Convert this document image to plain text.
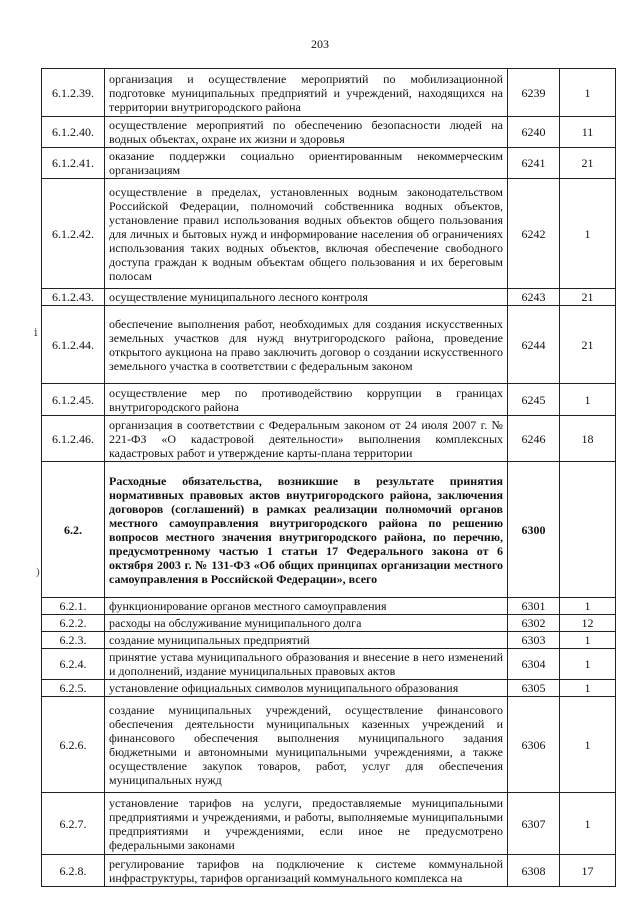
203
ⅰ
)
6.1.2.39.	организация и осуществление мероприятий по мобилизационной подготовке муниципальных предприятий и учреждений, находящихся на территории внутригородского района	6239	1
6.1.2.40.	осуществление мероприятий по обеспечению безопасности людей на водных объектах, охране их жизни и здоровья	6240	11
6.1.2.41.	оказание поддержки социально ориентированным некоммерческим организациям	6241	21
6.1.2.42.	осуществление в пределах, установленных водным законодательством Российской Федерации, полномочий собственника водных объектов, установление правил использования водных объектов общего пользования для личных и бытовых нужд и информирование населения об ограничениях использования таких водных объектов, включая обеспечение свободного доступа граждан к водным объектам общего пользования и их береговым полосам	6242	1
6.1.2.43.	осуществление муниципального лесного контроля	6243	21
6.1.2.44.	обеспечение выполнения работ, необходимых для создания искусственных земельных участков для нужд внутригородского района, проведение открытого аукциона на право заключить договор о создании искусственного земельного участка в соответствии с федеральным законом	6244	21
6.1.2.45.	осуществление мер по противодействию коррупции в границах внутригородского района	6245	1
6.1.2.46.	организация в соответствии с Федеральным законом от 24 июля 2007 г. № 221-ФЗ «О кадастровой деятельности» выполнения комплексных кадастровых работ и утверждение карты-плана территории	6246	18
6.2.	Расходные обязательства, возникшие в результате принятия нормативных правовых актов внутригородского района, заключения договоров (соглашений) в рамках реализации полномочий органов местного самоуправления внутригородского района по решению вопросов местного значения внутригородского района, по перечню, предусмотренному частью 1 статьи 17 Федерального закона от 6 октября 2003 г. № 131-ФЗ «Об общих принципах организации местного самоуправления в Российской Федерации», всего	6300	
6.2.1.	функционирование органов местного самоуправления	6301	1
6.2.2.	расходы на обслуживание муниципального долга	6302	12
6.2.3.	создание муниципальных предприятий	6303	1
6.2.4.	принятие устава муниципального образования и внесение в него изменений и дополнений, издание муниципальных правовых актов	6304	1
6.2.5.	установление официальных символов муниципального образования	6305	1
6.2.6.	создание муниципальных учреждений, осуществление финансового обеспечения деятельности муниципальных казенных учреждений и финансового обеспечения выполнения муниципального задания бюджетными и автономными муниципальными учреждениями, а также осуществление закупок товаров, работ, услуг для обеспечения муниципальных нужд	6306	1
6.2.7.	установление тарифов на услуги, предоставляемые муниципальными предприятиями и учреждениями, и работы, выполняемые муниципальными предприятиями и учреждениями, если иное не предусмотрено федеральными законами	6307	1
6.2.8.	регулирование тарифов на подключение к системе коммунальной инфраструктуры, тарифов организаций коммунального комплекса на	6308	17
